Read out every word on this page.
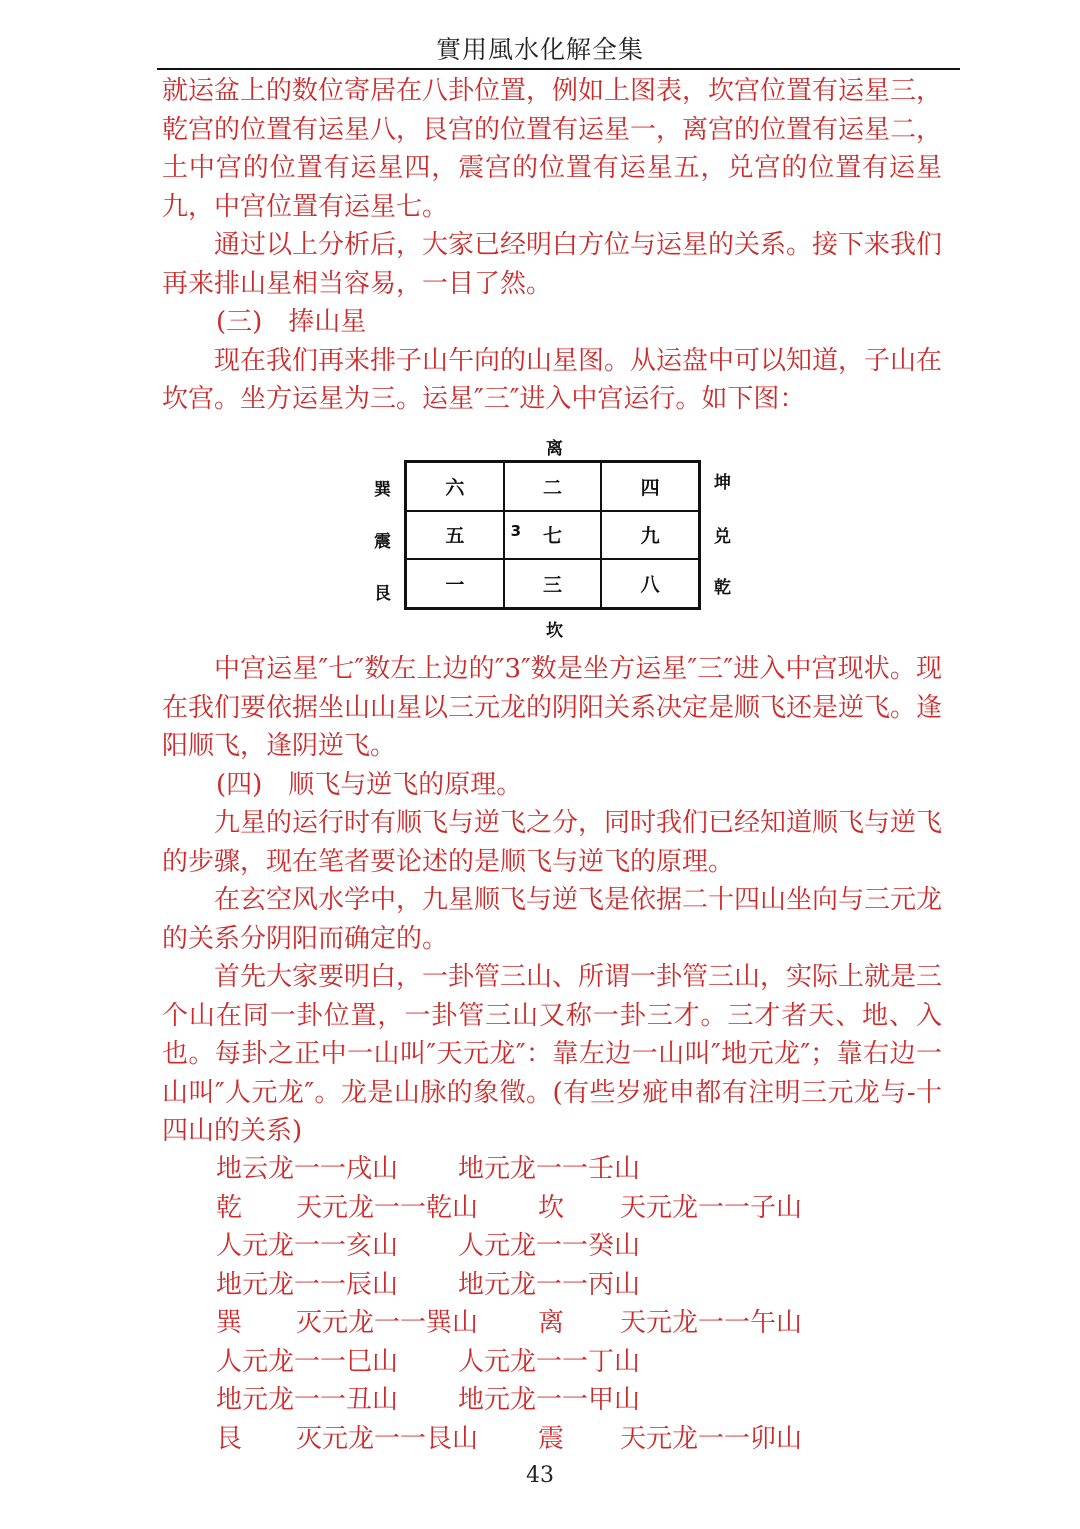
實用風水化解全集

就运盆上的数位寄居在八卦位置，例如上图表，坎宫位置有运星三，乾宫的位置有运星八，艮宫的位置有运星一，离宫的位置有运星二，土中宫的位置有运星四，震宫的位置有运星五，兑宫的位置有运星九，中宫位置有运星七。

通过以上分析后，大家已经明白方位与运星的关系。接下来我们再来排山星相当容易，一目了然。

(三)　捧山星

现在我们再来排子山午向的山星图。从运盘中可以知道，子山在坎宫。坐方运星为三。运星″三″进入中宫运行。如下图：

离
坎
巽
震
艮
坤
兑
乾
六	二	四
五	3 七	九
一	三	八

中宫运星″七″数左上边的″3″数是坐方运星″三″进入中宫现状。现在我们要依据坐山山星以三元龙的阴阳关系决定是顺飞还是逆飞。逢阳顺飞，逢阴逆飞。

(四)　顺飞与逆飞的原理。

九星的运行时有顺飞与逆飞之分，同时我们已经知道顺飞与逆飞的步骤，现在笔者要论述的是顺飞与逆飞的原理。

在玄空风水学中，九星顺飞与逆飞是依据二十四山坐向与三元龙的关系分阴阳而确定的。

首先大家要明白，一卦管三山、所谓一卦管三山，实际上就是三个山在同一卦位置，一卦管三山又称一卦三才。三才者天、地、入也。每卦之正中一山叫″天元龙″：靠左边一山叫″地元龙″；靠右边一山叫″人元龙″。龙是山脉的象徵。(有些岁疵申都有注明三元龙与-十四山的关系)

地云龙一一戌山 地元龙一一壬山
乾 天元龙一一乾山 坎 天元龙一一子山
人元龙一一亥山 人元龙一一癸山
地元龙一一辰山 地元龙一一丙山
巽 灭元龙一一巽山 离 天元龙一一午山
人元龙一一巳山 人元龙一一丁山
地元龙一一丑山 地元龙一一甲山
艮 灭元龙一一艮山 震 天元龙一一卯山
43
